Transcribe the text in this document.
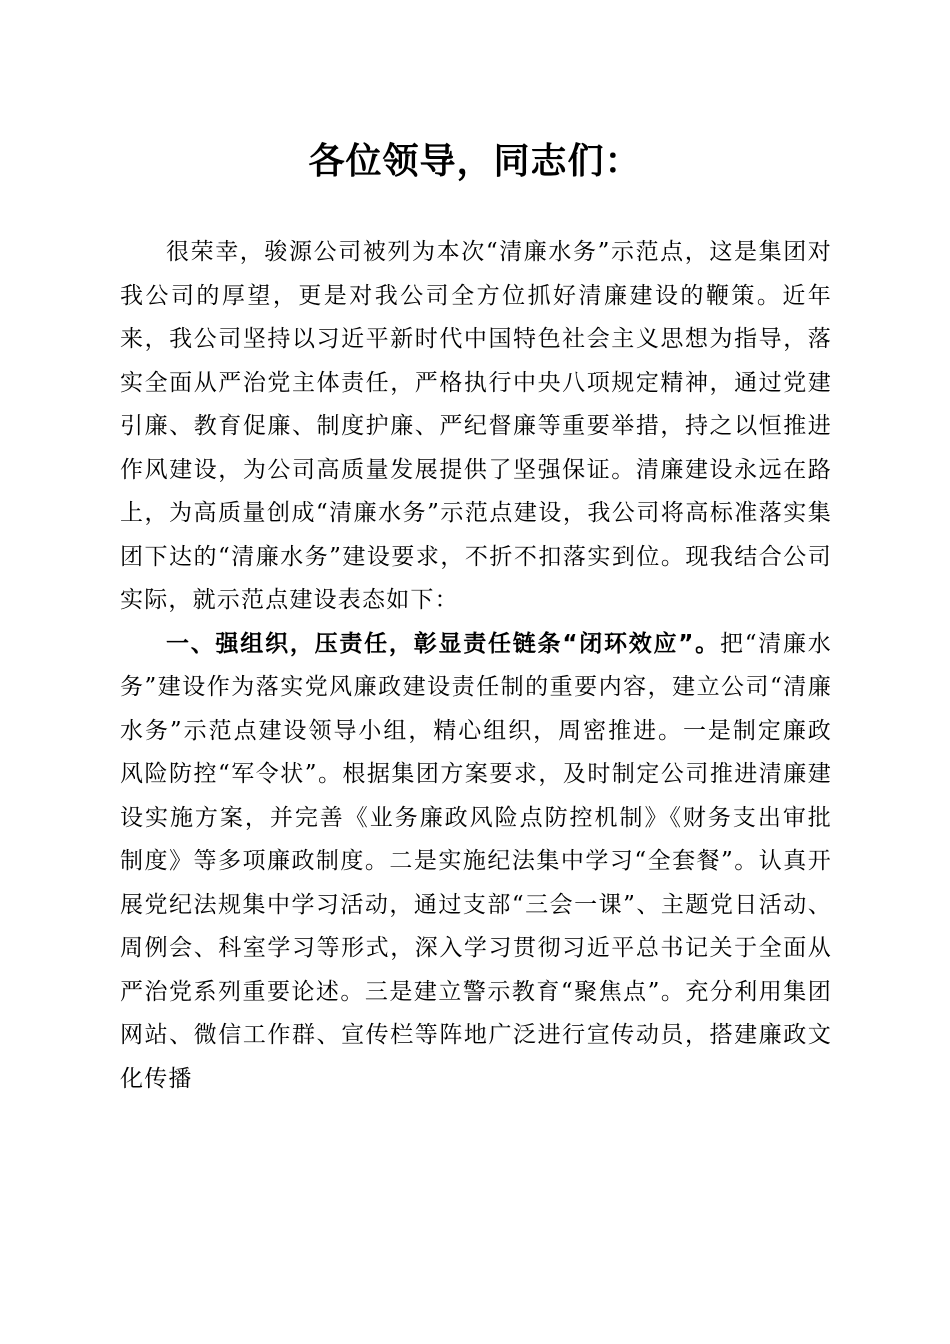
各位领导，同志们：

很荣幸，骏源公司被列为本次“清廉水务”示范点，这是集团对我公司的厚望，更是对我公司全方位抓好清廉建设的鞭策。近年来，我公司坚持以习近平新时代中国特色社会主义思想为指导，落实全面从严治党主体责任，严格执行中央八项规定精神，通过党建引廉、教育促廉、制度护廉、严纪督廉等重要举措，持之以恒推进作风建设，为公司高质量发展提供了坚强保证。清廉建设永远在路上，为高质量创成“清廉水务”示范点建设，我公司将高标准落实集团下达的“清廉水务”建设要求，不折不扣落实到位。现我结合公司实际，就示范点建设表态如下：

一、强组织，压责任，彰显责任链条“闭环效应”。把“清廉水务”建设作为落实党风廉政建设责任制的重要内容，建立公司“清廉水务”示范点建设领导小组，精心组织，周密推进。一是制定廉政风险防控“军令状”。根据集团方案要求，及时制定公司推进清廉建设实施方案，并完善《业务廉政风险点防控机制》《财务支出审批制度》等多项廉政制度。二是实施纪法集中学习“全套餐”。认真开展党纪法规集中学习活动，通过支部“三会一课”、主题党日活动、周例会、科室学习等形式，深入学习贯彻习近平总书记关于全面从严治党系列重要论述。三是建立警示教育“聚焦点”。充分利用集团网站、微信工作群、宣传栏等阵地广泛进行宣传动员，搭建廉政文化传播
